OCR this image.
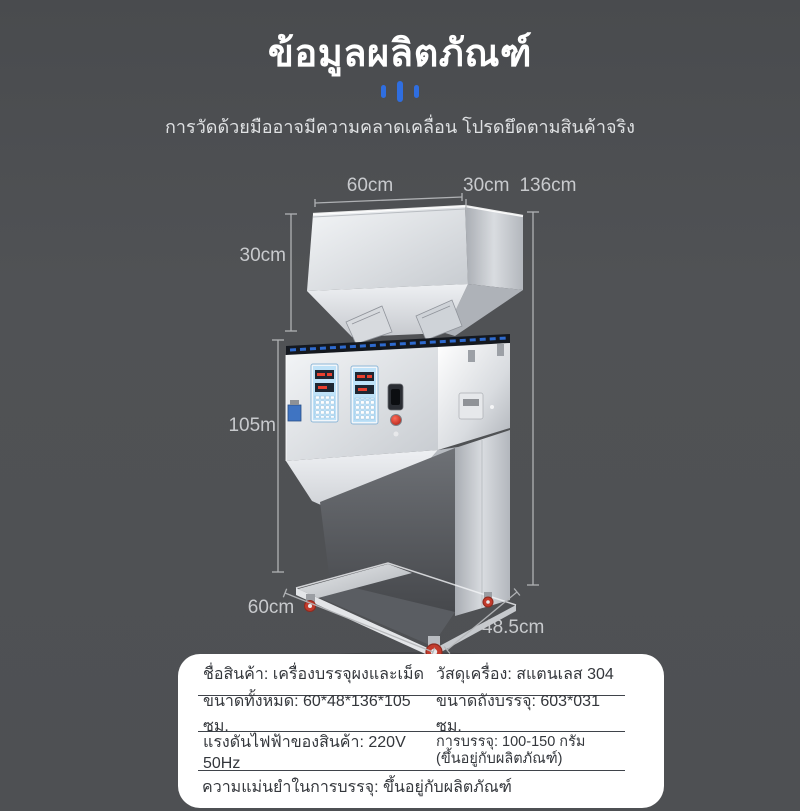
ข้อมูลผลิตภัณฑ์
การวัดด้วยมืออาจมีความคลาดเคลื่อน โปรดยึดตามสินค้าจริง
60cm	30cm 136cm
30cm
105m
60cm
48.5cm
ชื่อสินค้า: เครื่องบรรจุผงและเม็ด วัสดุเครื่อง: สแตนเลส 304
ขนาดทั้งหมด: 60*48*136*105 ซม.
ขนาดถังบรรจุ: 603*031 ซม.
แรงดันไฟฟ้าของสินค้า: 220V 50Hz
การบรรจุ: 100-150 กรัม
(ขึ้นอยู่กับผลิตภัณฑ์)
ความแม่นยำในการบรรจุ: ขึ้นอยู่กับผลิตภัณฑ์
